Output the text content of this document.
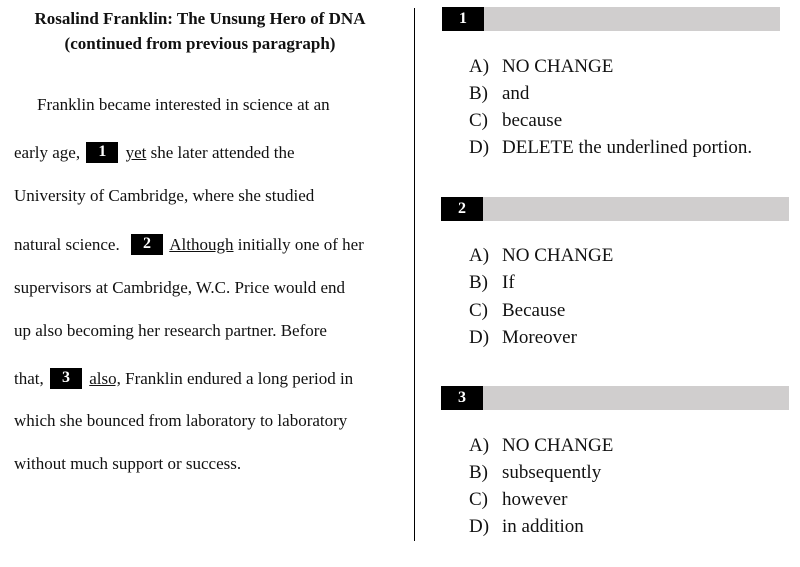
Rosalind Franklin: The Unsung Hero of DNA
(continued from previous paragraph)
Franklin became interested in science at an
early age, 1 yet she later attended the
University of Cambridge, where she studied
natural science. 2 Although initially one of her
supervisors at Cambridge, W.C. Price would end
up also becoming her research partner. Before
that, 3 also, Franklin endured a long period in
which she bounced from laboratory to laboratory
without much support or success.
1
A) NO CHANGE
B) and
C) because
D) DELETE the underlined portion.
2
A) NO CHANGE
B) If
C) Because
D) Moreover
3
A) NO CHANGE
B) subsequently
C) however
D) in addition
